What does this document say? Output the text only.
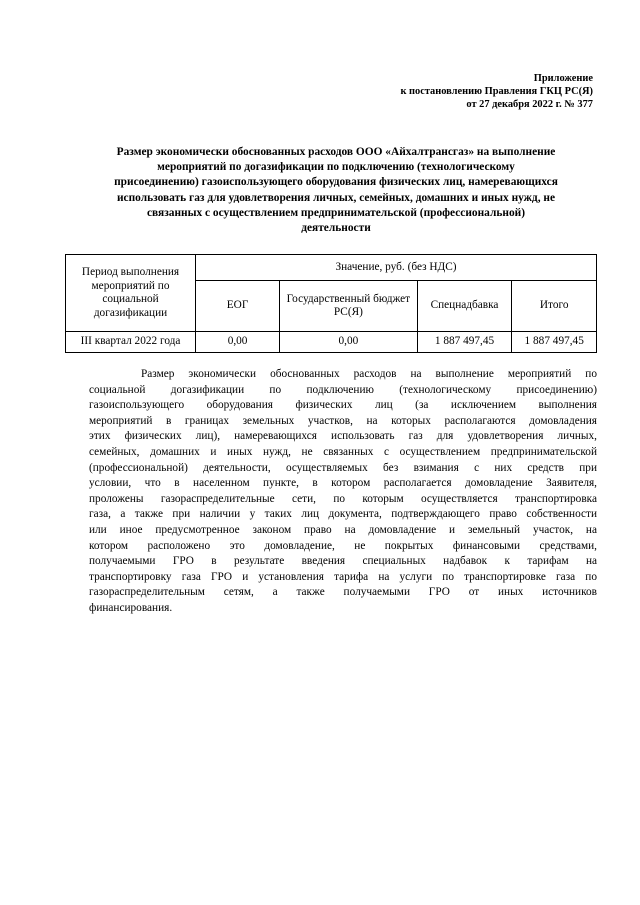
Приложение
к постановлению Правления ГКЦ РС(Я)
от 27 декабря 2022 г. № 377
Размер экономически обоснованных расходов ООО «Айхалтрансгаз» на выполнение
мероприятий по догазификации по подключению (технологическому
присоединению) газоиспользующего оборудования физических лиц, намеревающихся
использовать газ для удовлетворения личных, семейных, домашних и иных нужд, не
связанных с осуществлением предпринимательской (профессиональной)
деятельности
Период выполнения мероприятий по социальной догазификации	Значение, руб. (без НДС)			
	ЕОГ	Государственный бюджет РС(Я)	Спецнадбавка	Итого
III квартал 2022 года	0,00	0,00	1 887 497,45	1 887 497,45
Размер экономически обоснованных расходов на выполнение мероприятий по
социальной догазификации по подключению (технологическому присоединению)
газоиспользующего оборудования физических лиц (за исключением выполнения
мероприятий в границах земельных участков, на которых располагаются домовладения
этих физических лиц), намеревающихся использовать газ для удовлетворения личных,
семейных, домашних и иных нужд, не связанных с осуществлением предпринимательской
(профессиональной) деятельности, осуществляемых без взимания с них средств при
условии, что в населенном пункте, в котором располагается домовладение Заявителя,
проложены газораспределительные сети, по которым осуществляется транспортировка
газа, а также при наличии у таких лиц документа, подтверждающего право собственности
или иное предусмотренное законом право на домовладение и земельный участок, на
котором расположено это домовладение, не покрытых финансовыми средствами,
получаемыми ГРО в результате введения специальных надбавок к тарифам на
транспортировку газа ГРО и установления тарифа на услуги по транспортировке газа по
газораспределительным сетям, а также получаемыми ГРО от иных источников
финансирования.
